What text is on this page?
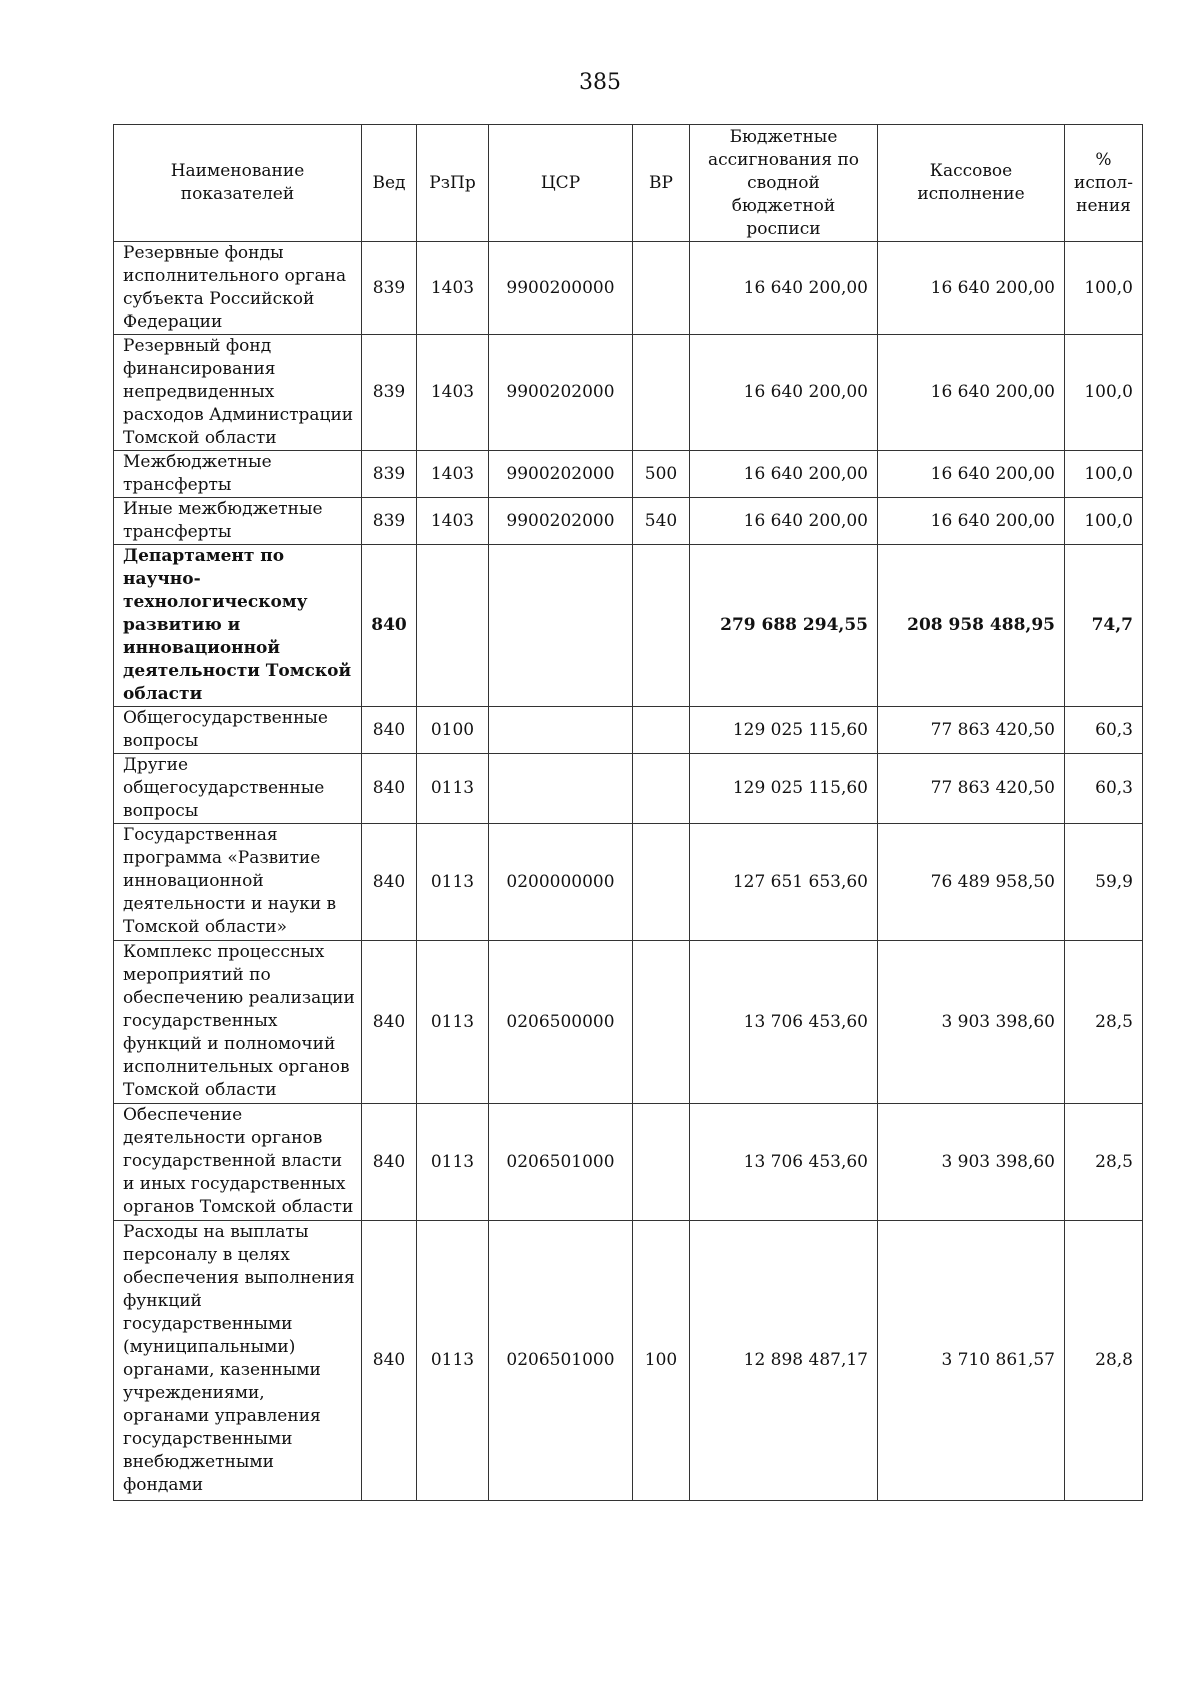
385
Наименование показателей	Вед	РзПр	ЦСР	ВР	Бюджетные ассигнования по сводной бюджетной росписи	Кассовое исполнение	% испол-нения
Резервные фонды исполнительного органа субъекта Российской Федерации	839	1403	9900200000		16 640 200,00	16 640 200,00	100,0
Резервный фонд финансирования непредвиденных расходов Администрации Томской области	839	1403	9900202000		16 640 200,00	16 640 200,00	100,0
Межбюджетные трансферты	839	1403	9900202000	500	16 640 200,00	16 640 200,00	100,0
Иные межбюджетные трансферты	839	1403	9900202000	540	16 640 200,00	16 640 200,00	100,0
Департамент по научно-технологическому развитию и инновационной деятельности Томской области	840				279 688 294,55	208 958 488,95	74,7
Общегосударственные вопросы	840	0100			129 025 115,60	77 863 420,50	60,3
Другие общегосударственные вопросы	840	0113			129 025 115,60	77 863 420,50	60,3
Государственная программа «Развитие инновационной деятельности и науки в Томской области»	840	0113	0200000000		127 651 653,60	76 489 958,50	59,9
Комплекс процессных мероприятий по обеспечению реализации государственных функций и полномочий исполнительных органов Томской области	840	0113	0206500000		13 706 453,60	3 903 398,60	28,5
Обеспечение деятельности органов государственной власти и иных государственных органов Томской области	840	0113	0206501000		13 706 453,60	3 903 398,60	28,5
Расходы на выплаты персоналу в целях обеспечения выполнения функций государственными (муниципальными) органами, казенными учреждениями, органами управления государственными внебюджетными фондами	840	0113	0206501000	100	12 898 487,17	3 710 861,57	28,8
